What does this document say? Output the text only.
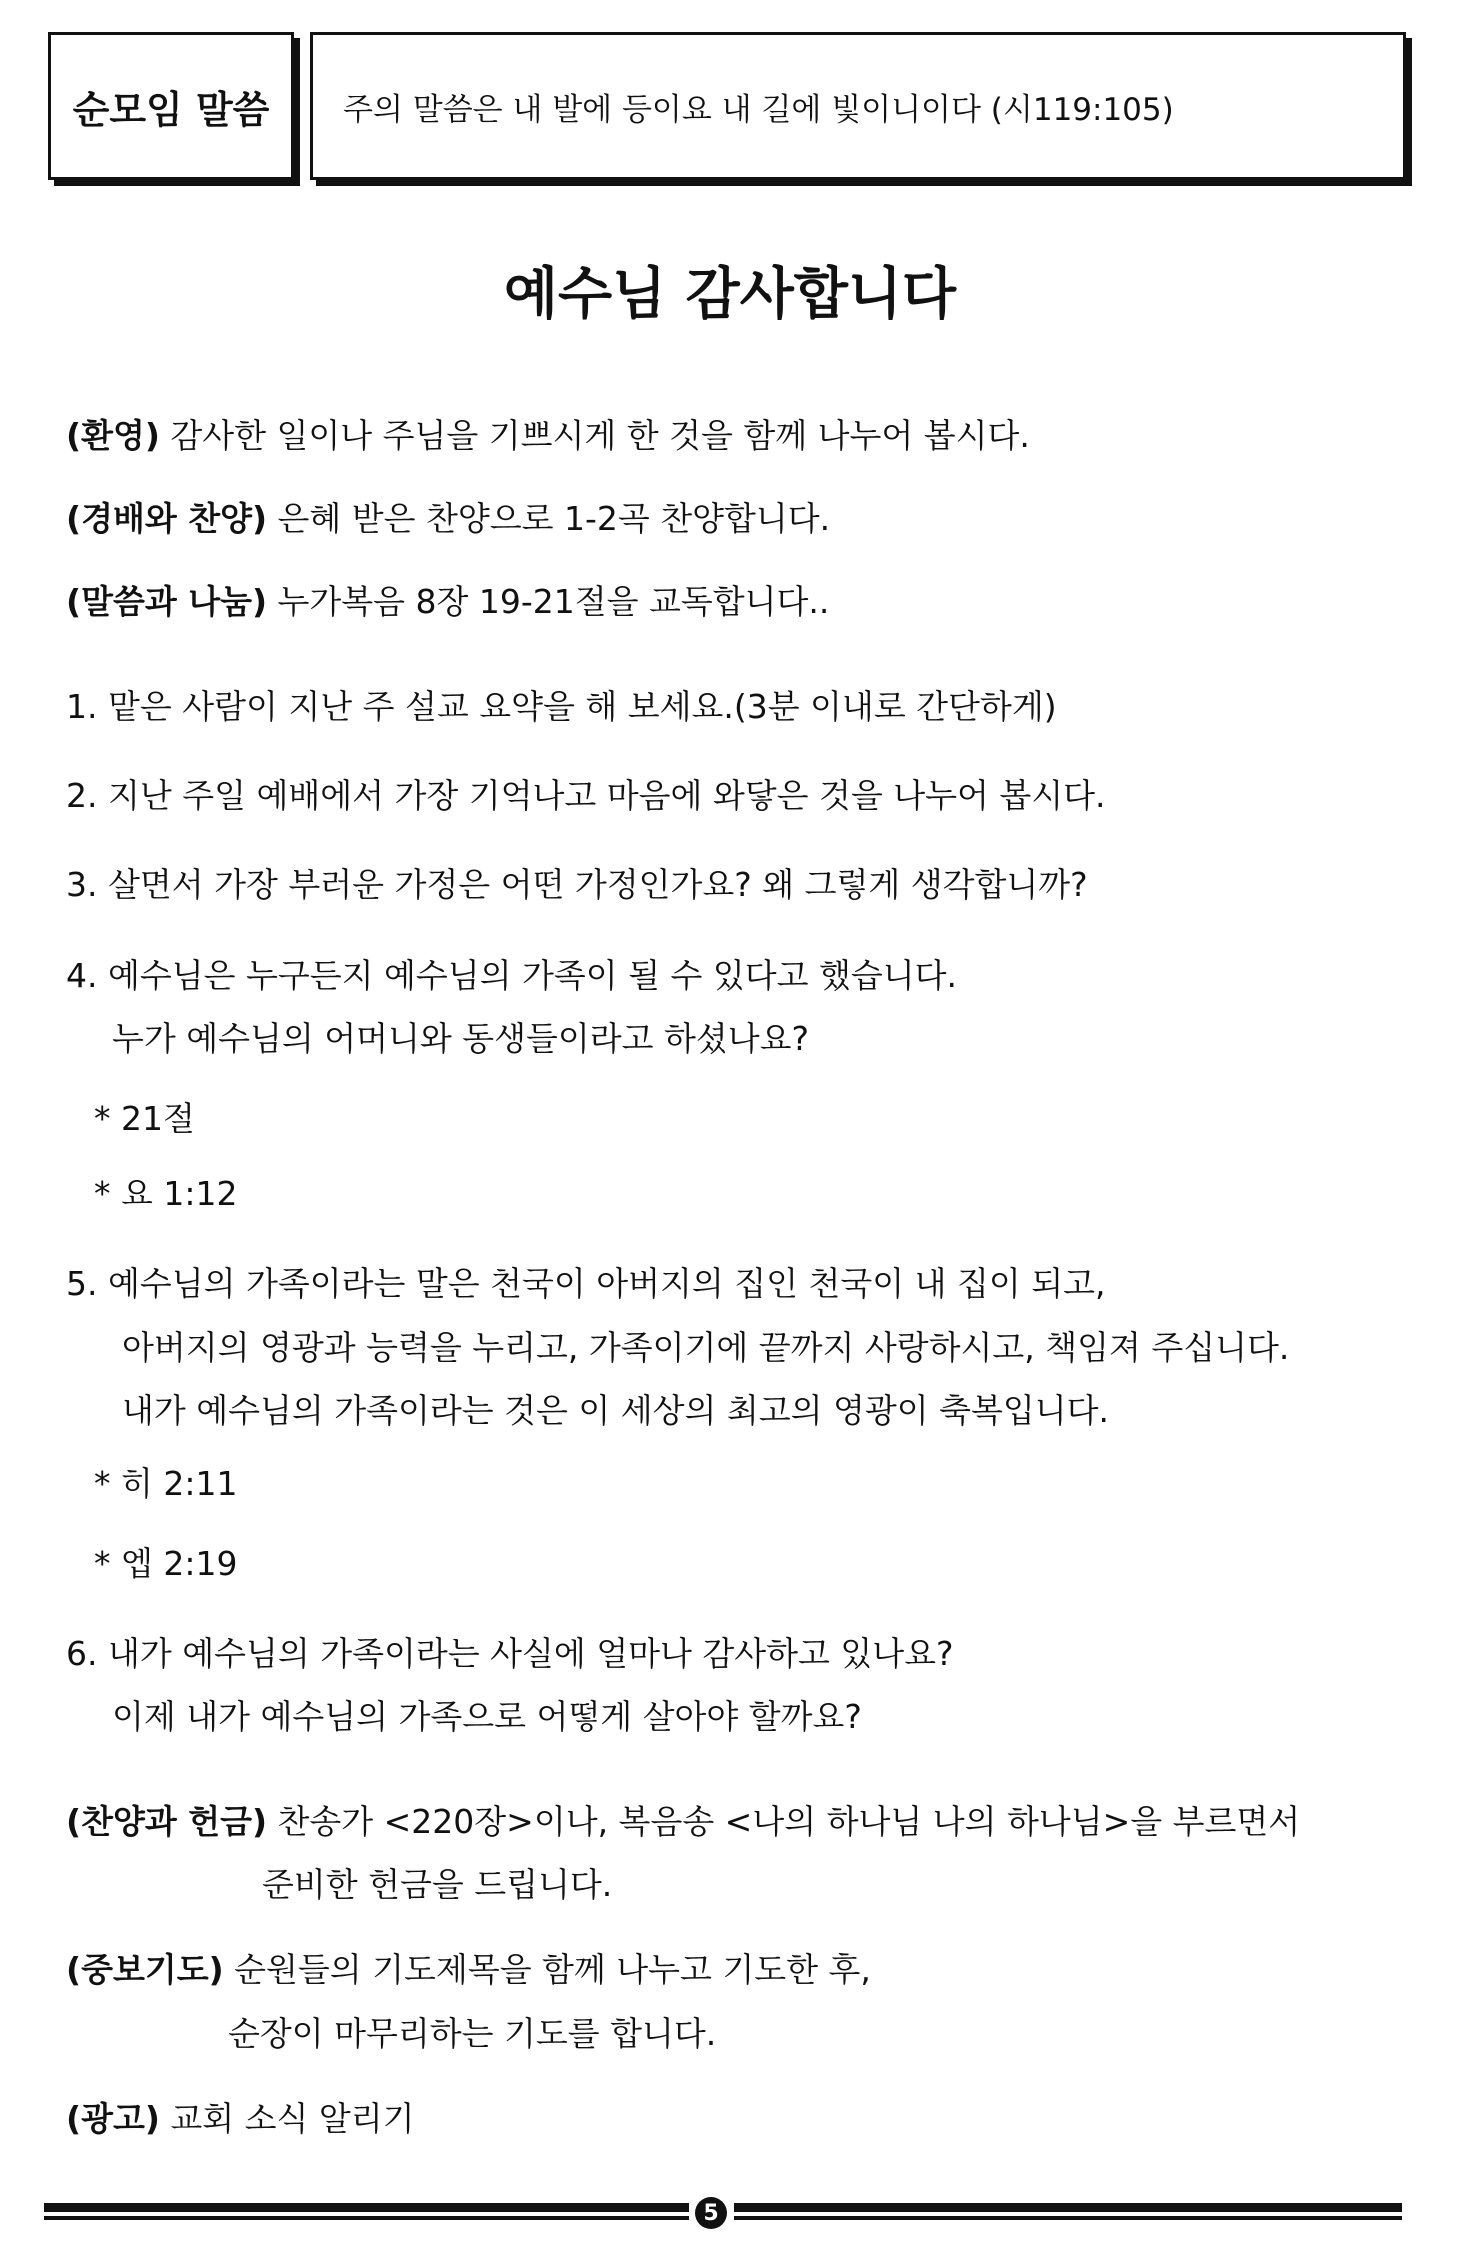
순모임 말씀 주의 말씀은 내 발에 등이요 내 길에 빛이니이다 (시119:105)
예수님 감사합니다
(환영) 감사한 일이나 주님을 기쁘시게 한 것을 함께 나누어 봅시다.
(경배와 찬양) 은혜 받은 찬양으로 1-2곡 찬양합니다.
(말씀과 나눔) 누가복음 8장 19-21절을 교독합니다..
1. 맡은 사람이 지난 주 설교 요약을 해 보세요.(3분 이내로 간단하게)
2. 지난 주일 예배에서 가장 기억나고 마음에 와닿은 것을 나누어 봅시다.
3. 살면서 가장 부러운 가정은 어떤 가정인가요? 왜 그렇게 생각합니까?
4. 예수님은 누구든지 예수님의 가족이 될 수 있다고 했습니다.
누가 예수님의 어머니와 동생들이라고 하셨나요?
* 21절
* 요 1:12
5. 예수님의 가족이라는 말은 천국이 아버지의 집인 천국이 내 집이 되고,
아버지의 영광과 능력을 누리고, 가족이기에 끝까지 사랑하시고, 책임져 주십니다.
내가 예수님의 가족이라는 것은 이 세상의 최고의 영광이 축복입니다.
* 히 2:11
* 엡 2:19
6. 내가 예수님의 가족이라는 사실에 얼마나 감사하고 있나요?
이제 내가 예수님의 가족으로 어떻게 살아야 할까요?
(찬양과 헌금) 찬송가 <220장>이나, 복음송 <나의 하나님 나의 하나님>을 부르면서
준비한 헌금을 드립니다.
(중보기도) 순원들의 기도제목을 함께 나누고 기도한 후,
순장이 마무리하는 기도를 합니다.
(광고) 교회 소식 알리기
5
